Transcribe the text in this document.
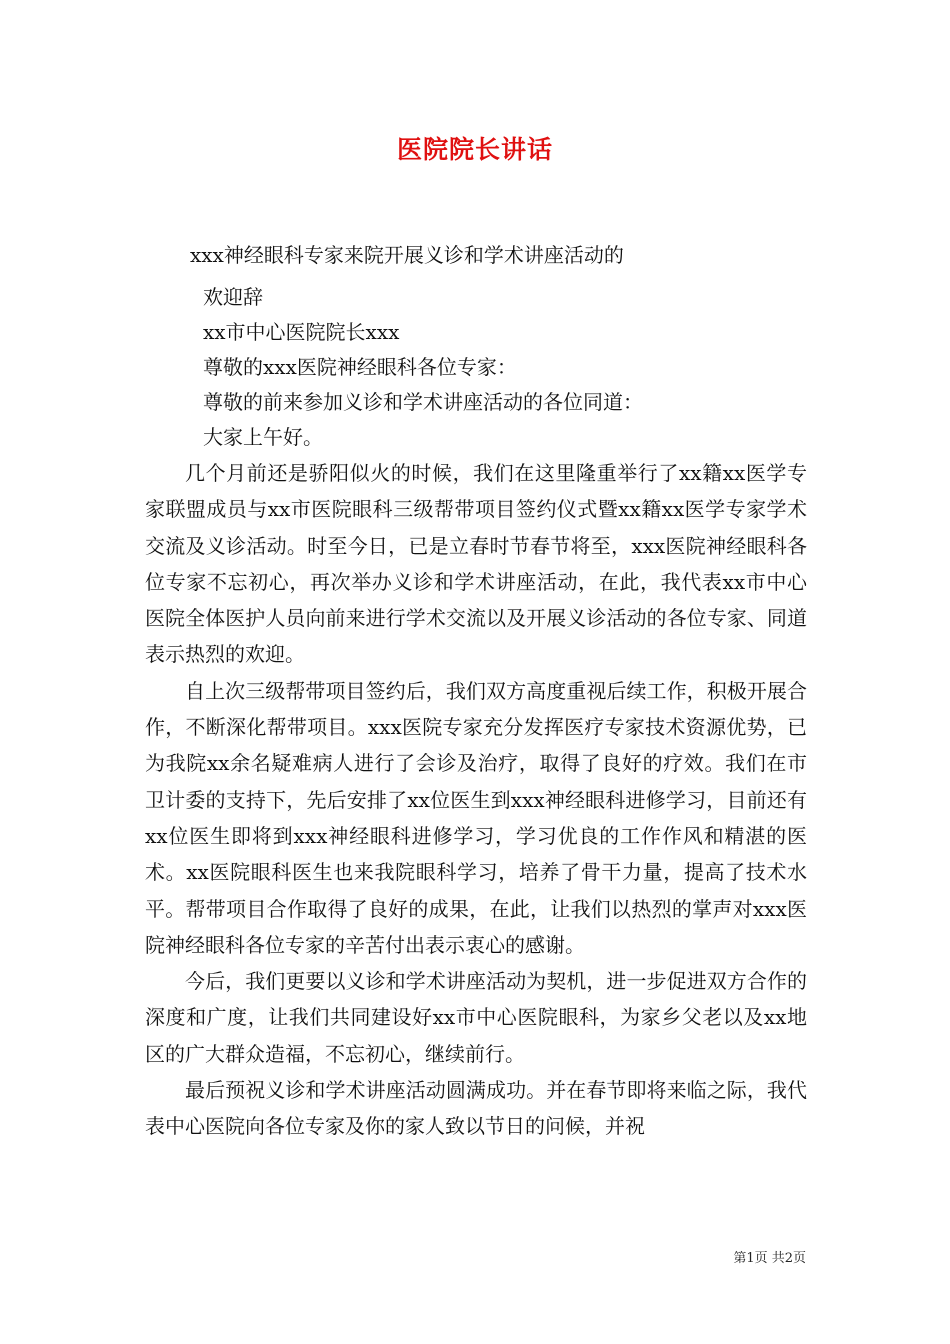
医院院长讲话
xxx神经眼科专家来院开展义诊和学术讲座活动的
欢迎辞
xx市中心医院院长xxx
尊敬的xxx医院神经眼科各位专家：
尊敬的前来参加义诊和学术讲座活动的各位同道：
大家上午好。

几个月前还是骄阳似火的时候，我们在这里隆重举行了xx籍xx医学专家联盟成员与xx市医院眼科三级帮带项目签约仪式暨xx籍xx医学专家学术交流及义诊活动。时至今日，已是立春时节春节将至，xxx医院神经眼科各位专家不忘初心，再次举办义诊和学术讲座活动，在此，我代表xx市中心医院全体医护人员向前来进行学术交流以及开展义诊活动的各位专家、同道表示热烈的欢迎。

自上次三级帮带项目签约后，我们双方高度重视后续工作，积极开展合作，不断深化帮带项目。xxx医院专家充分发挥医疗专家技术资源优势，已为我院xx余名疑难病人进行了会诊及治疗，取得了良好的疗效。我们在市卫计委的支持下，先后安排了xx位医生到xxx神经眼科进修学习，目前还有xx位医生即将到xxx神经眼科进修学习，学习优良的工作作风和精湛的医术。xx医院眼科医生也来我院眼科学习，培养了骨干力量，提高了技术水平。帮带项目合作取得了良好的成果，在此，让我们以热烈的掌声对xxx医院神经眼科各位专家的辛苦付出表示衷心的感谢。

今后，我们更要以义诊和学术讲座活动为契机，进一步促进双方合作的深度和广度，让我们共同建设好xx市中心医院眼科，为家乡父老以及xx地区的广大群众造福，不忘初心，继续前行。

最后预祝义诊和学术讲座活动圆满成功。并在春节即将来临之际，我代表中心医院向各位专家及你的家人致以节日的问候，并祝

第1页 共2页
